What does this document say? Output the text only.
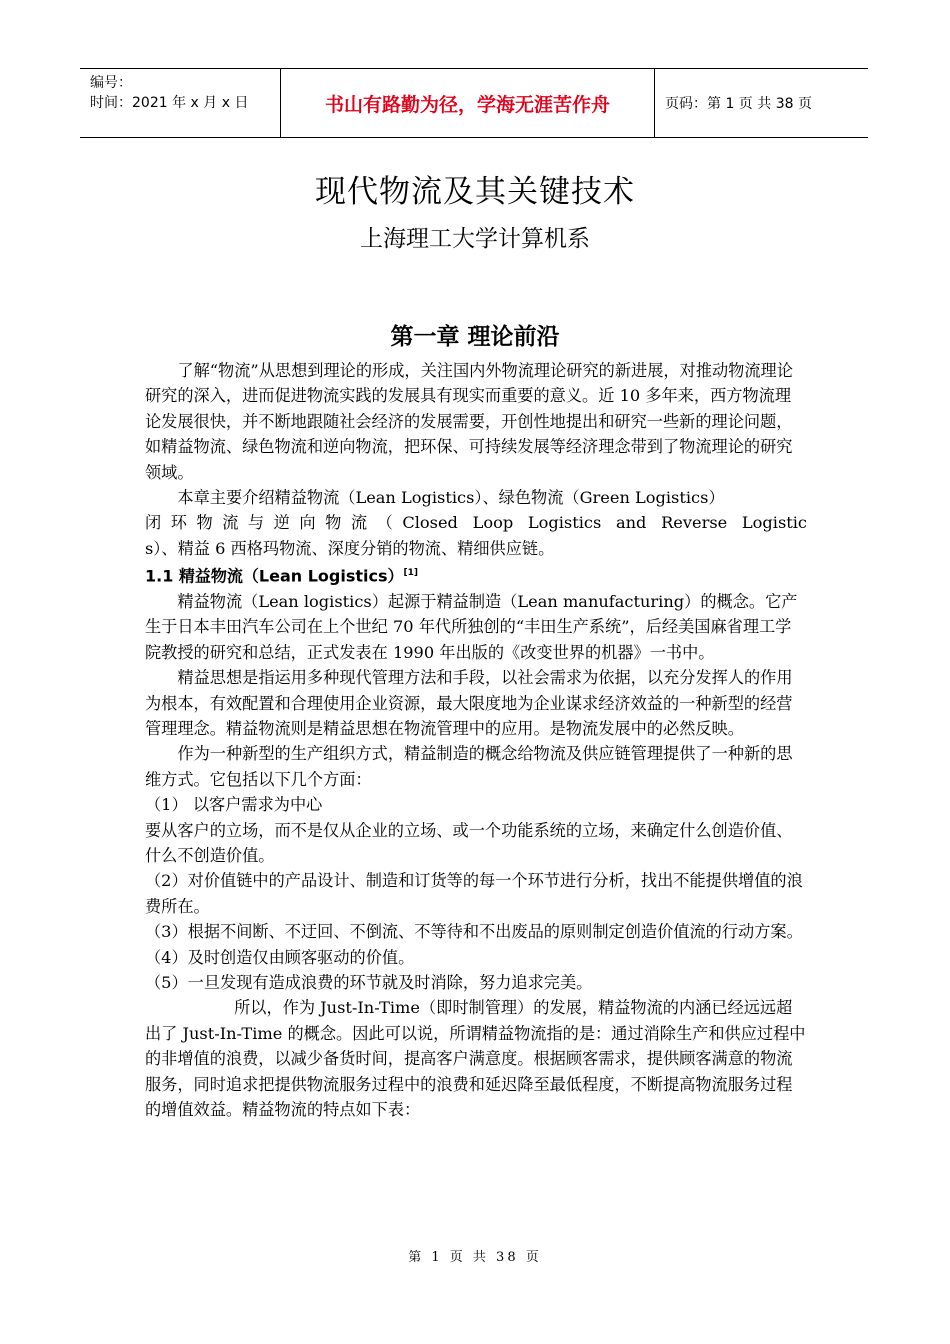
编号：
时间：2021 年 x 月 x 日	书山有路勤为径，学海无涯苦作舟	页码：第 1 页 共 38 页
现代物流及其关键技术
上海理工大学计算机系
第一章 理论前沿

了解“物流”从思想到理论的形成，关注国内外物流理论研究的新进展，对推动物流理论研究的深入，进而促进物流实践的发展具有现实而重要的意义。近 10 多年来，西方物流理论发展很快，并不断地跟随社会经济的发展需要，开创性地提出和研究一些新的理论问题，如精益物流、绿色物流和逆向物流，把环保、可持续发展等经济理念带到了物流理论的研究领域。

本章主要介绍精益物流（Lean Logistics）、绿色物流（Green Logistics）

闭环物流与逆向物流（Closed Loop Logistics and Reverse Logistic

s）、精益 6 西格玛物流、深度分销的物流、精细供应链。

1.1 精益物流（Lean Logistics）[1]

精益物流（Lean logistics）起源于精益制造（Lean manufacturing）的概念。它产生于日本丰田汽车公司在上个世纪 70 年代所独创的“丰田生产系统”，后经美国麻省理工学院教授的研究和总结，正式发表在 1990 年出版的《改变世界的机器》一书中。

精益思想是指运用多种现代管理方法和手段，以社会需求为依据，以充分发挥人的作用为根本，有效配置和合理使用企业资源，最大限度地为企业谋求经济效益的一种新型的经营管理理念。精益物流则是精益思想在物流管理中的应用。是物流发展中的必然反映。

作为一种新型的生产组织方式，精益制造的概念给物流及供应链管理提供了一种新的思维方式。它包括以下几个方面：

（1） 以客户需求为中心

要从客户的立场，而不是仅从企业的立场、或一个功能系统的立场，来确定什么创造价值、什么不创造价值。

（2）对价值链中的产品设计、制造和订货等的每一个环节进行分析，找出不能提供增值的浪费所在。

（3）根据不间断、不迂回、不倒流、不等待和不出废品的原则制定创造价值流的行动方案。

（4）及时创造仅由顾客驱动的价值。

（5）一旦发现有造成浪费的环节就及时消除，努力追求完美。

所以，作为 Just-In-Time（即时制管理）的发展，精益物流的内涵已经远远超出了 Just-In-Time 的概念。因此可以说，所谓精益物流指的是：通过消除生产和供应过程中的非增值的浪费，以减少备货时间，提高客户满意度。根据顾客需求，提供顾客满意的物流服务，同时追求把提供物流服务过程中的浪费和延迟降至最低程度，不断提高物流服务过程的增值效益。精益物流的特点如下表：

第 1 页 共 38 页
